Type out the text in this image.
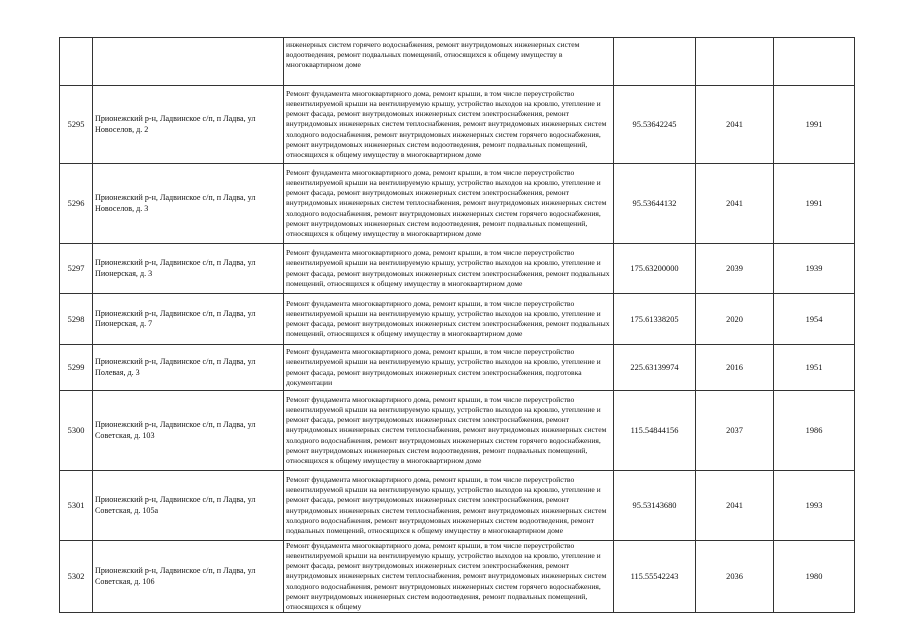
		инженерных систем горячего водоснабжения, ремонт внутридомовых инженерных систем водоотведения, ремонт подвальных помещений, относящихся к общему имуществу в многоквартирном доме			
5295	Прионежский р-н, Ладвинское с/п, п Ладва, ул Новоселов, д. 2	Ремонт фундамента многоквартирного дома, ремонт крыши, в том числе переустройство невентилируемой крыши на вентилируемую крышу, устройство выходов на кровлю, утепление и ремонт фасада, ремонт внутридомовых инженерных систем электроснабжения, ремонт внутридомовых инженерных систем теплоснабжения, ремонт внутридомовых инженерных систем холодного водоснабжения, ремонт внутридомовых инженерных систем горячего водоснабжения, ремонт внутридомовых инженерных систем водоотведения, ремонт подвальных помещений, относящихся к общему имуществу в многоквартирном доме	95.53642245	2041	1991
5296	Прионежский р-н, Ладвинское с/п, п Ладва, ул Новоселов, д. 3	Ремонт фундамента многоквартирного дома, ремонт крыши, в том числе переустройство невентилируемой крыши на вентилируемую крышу, устройство выходов на кровлю, утепление и ремонт фасада, ремонт внутридомовых инженерных систем электроснабжения, ремонт внутридомовых инженерных систем теплоснабжения, ремонт внутридомовых инженерных систем холодного водоснабжения, ремонт внутридомовых инженерных систем горячего водоснабжения, ремонт внутридомовых инженерных систем водоотведения, ремонт подвальных помещений, относящихся к общему имуществу в многоквартирном доме	95.53644132	2041	1991
5297	Прионежский р-н, Ладвинское с/п, п Ладва, ул Пионерская, д. 3	Ремонт фундамента многоквартирного дома, ремонт крыши, в том числе переустройство невентилируемой крыши на вентилируемую крышу, устройство выходов на кровлю, утепление и ремонт фасада, ремонт внутридомовых инженерных систем электроснабжения, ремонт подвальных помещений, относящихся к общему имуществу в многоквартирном доме	175.63200000	2039	1939
5298	Прионежский р-н, Ладвинское с/п, п Ладва, ул Пионерская, д. 7	Ремонт фундамента многоквартирного дома, ремонт крыши, в том числе переустройство невентилируемой крыши на вентилируемую крышу, устройство выходов на кровлю, утепление и ремонт фасада, ремонт внутридомовых инженерных систем электроснабжения, ремонт подвальных помещений, относящихся к общему имуществу в многоквартирном доме	175.61338205	2020	1954
5299	Прионежский р-н, Ладвинское с/п, п Ладва, ул Полевая, д. 3	Ремонт фундамента многоквартирного дома, ремонт крыши, в том числе переустройство невентилируемой крыши на вентилируемую крышу, устройство выходов на кровлю, утепление и ремонт фасада, ремонт внутридомовых инженерных систем электроснабжения, подготовка документации	225.63139974	2016	1951
5300	Прионежский р-н, Ладвинское с/п, п Ладва, ул Советская, д. 103	Ремонт фундамента многоквартирного дома, ремонт крыши, в том числе переустройство невентилируемой крыши на вентилируемую крышу, устройство выходов на кровлю, утепление и ремонт фасада, ремонт внутридомовых инженерных систем электроснабжения, ремонт внутридомовых инженерных систем теплоснабжения, ремонт внутридомовых инженерных систем холодного водоснабжения, ремонт внутридомовых инженерных систем горячего водоснабжения, ремонт внутридомовых инженерных систем водоотведения, ремонт подвальных помещений, относящихся к общему имуществу в многоквартирном доме	115.54844156	2037	1986
5301	Прионежский р-н, Ладвинское с/п, п Ладва, ул Советская, д. 105а	Ремонт фундамента многоквартирного дома, ремонт крыши, в том числе переустройство невентилируемой крыши на вентилируемую крышу, устройство выходов на кровлю, утепление и ремонт фасада, ремонт внутридомовых инженерных систем электроснабжения, ремонт внутридомовых инженерных систем теплоснабжения, ремонт внутридомовых инженерных систем холодного водоснабжения, ремонт внутридомовых инженерных систем водоотведения, ремонт подвальных помещений, относящихся к общему имуществу в многоквартирном доме	95.53143680	2041	1993
5302	Прионежский р-н, Ладвинское с/п, п Ладва, ул Советская, д. 106	Ремонт фундамента многоквартирного дома, ремонт крыши, в том числе переустройство невентилируемой крыши на вентилируемую крышу, устройство выходов на кровлю, утепление и ремонт фасада, ремонт внутридомовых инженерных систем электроснабжения, ремонт внутридомовых инженерных систем теплоснабжения, ремонт внутридомовых инженерных систем холодного водоснабжения, ремонт внутридомовых инженерных систем горячего водоснабжения, ремонт внутридомовых инженерных систем водоотведения, ремонт подвальных помещений, относящихся к общему	115.55542243	2036	1980
